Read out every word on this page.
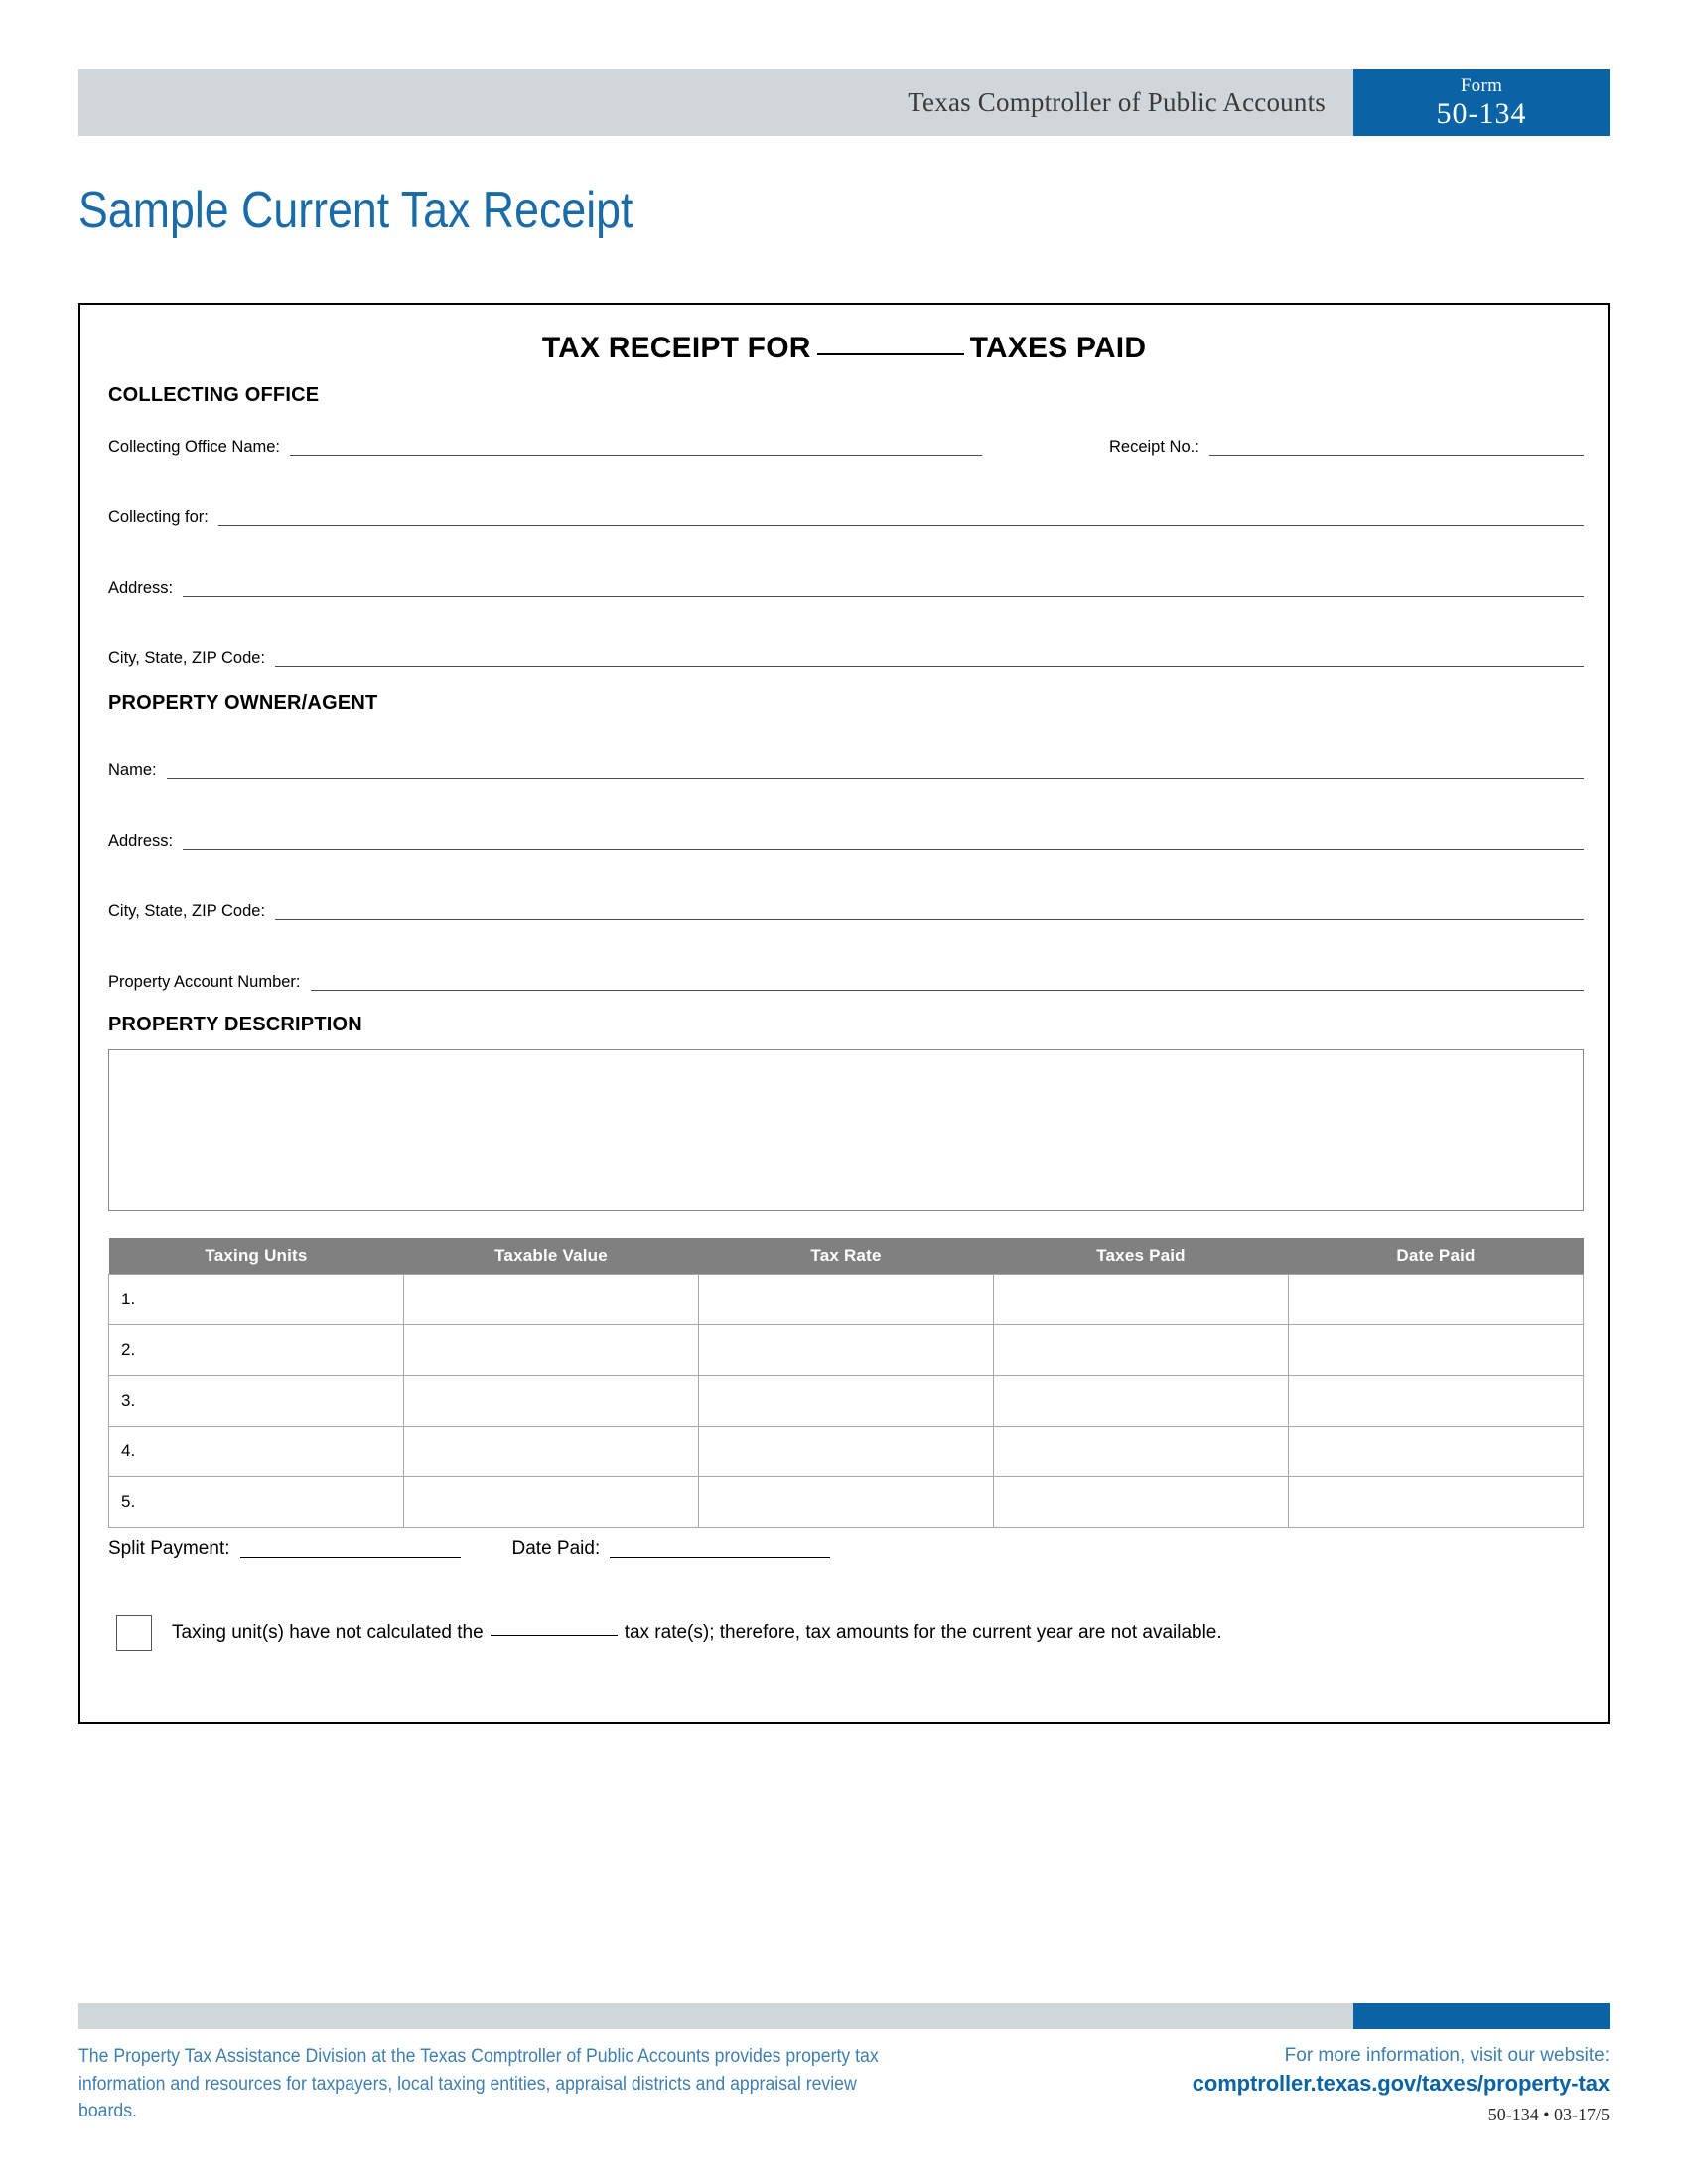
Texas Comptroller of Public Accounts
Form
50-134
Sample Current Tax Receipt
TAX RECEIPT FOR	TAXES PAID
COLLECTING OFFICE
Collecting Office Name:	Receipt No.:
Collecting for:
Address:
City, State, ZIP Code:
PROPERTY OWNER/AGENT
Name:
Address:
City, State, ZIP Code:
Property Account Number:
PROPERTY DESCRIPTION
Taxing Units	Taxable Value	Tax Rate	Taxes Paid	Date Paid
1.				
2.				
3.				
4.				
5.				
Split Payment:	Date Paid:
Taxing unit(s) have not calculated the	tax rate(s); therefore, tax amounts for the current year are not available.
The Property Tax Assistance Division at the Texas Comptroller of Public Accounts provides property tax information and resources for taxpayers, local taxing entities, appraisal districts and appraisal review boards.
For more information, visit our website:
comptroller.texas.gov/taxes/property-tax
50-134 • 03-17/5
